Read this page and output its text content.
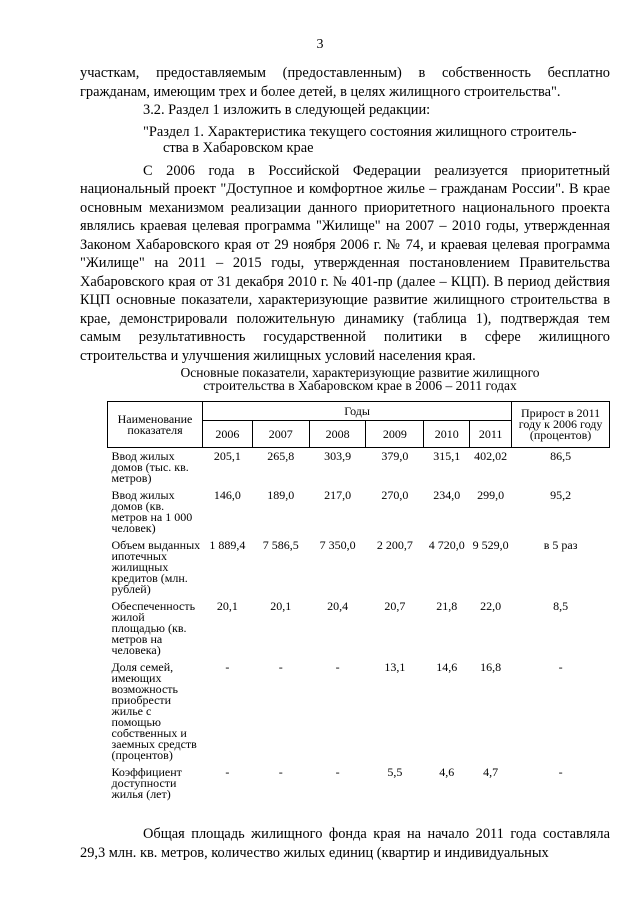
3

участкам, предоставляемым (предоставленным) в собственность бесплатно

гражданам, имеющим трех и более детей, в целях жилищного строительства".

3.2. Раздел 1 изложить в следующей редакции:

"Раздел 1. Характеристика текущего состояния жилищного строитель-
ства в Хабаровском крае

С 2006 года в Российской Федерации реализуется приоритетный национальный проект "Доступное и комфортное жилье – гражданам России". В крае основным механизмом реализации данного приоритетного национального проекта являлись краевая целевая программа "Жилище" на 2007 – 2010 годы, утвержденная Законом Хабаровского края от 29 ноября 2006 г. № 74, и краевая целевая программа "Жилище" на 2011 – 2015 годы, утвержденная постановлением Правительства Хабаровского края от 31 декабря 2010 г. № 401-пр (далее – КЦП). В период действия КЦП основные показатели, характеризующие развитие жилищного строительства в крае, демонстрировали положительную динамику (таблица 1), подтверждая тем самым результативность государственной политики в сфере жилищного строительства и улучшения жилищных условий населения края.

Основные показатели, характеризующие развитие жилищного
строительства в Хабаровском крае в 2006 – 2011 годах
Наименование показателя	Годы						Прирост в 2011 году к 2006 году (процентов)
	2006	2007	2008	2009	2010	2011	
Ввод жилых домов (тыс. кв. метров)	205,1	265,8	303,9	379,0	315,1	402,02	86,5
Ввод жилых домов (кв. метров на 1 000 человек)	146,0	189,0	217,0	270,0	234,0	299,0	95,2
Объем выданных ипотечных жилищных кредитов (млн. рублей)	1 889,4	7 586,5	7 350,0	2 200,7	4 720,0	9 529,0	в 5 раз
Обеспеченность жилой площадью (кв. метров на человека)	20,1	20,1	20,4	20,7	21,8	22,0	8,5
Доля семей, имеющих возможность приобрести жилье с помощью собственных и заемных средств (процентов)	-	-	-	13,1	14,6	16,8	-
Коэффициент доступности жилья (лет)	-	-	-	5,5	4,6	4,7	-

Общая площадь жилищного фонда края на начало 2011 года составляла 29,3 млн. кв. метров, количество жилых единиц (квартир и индивидуальных
